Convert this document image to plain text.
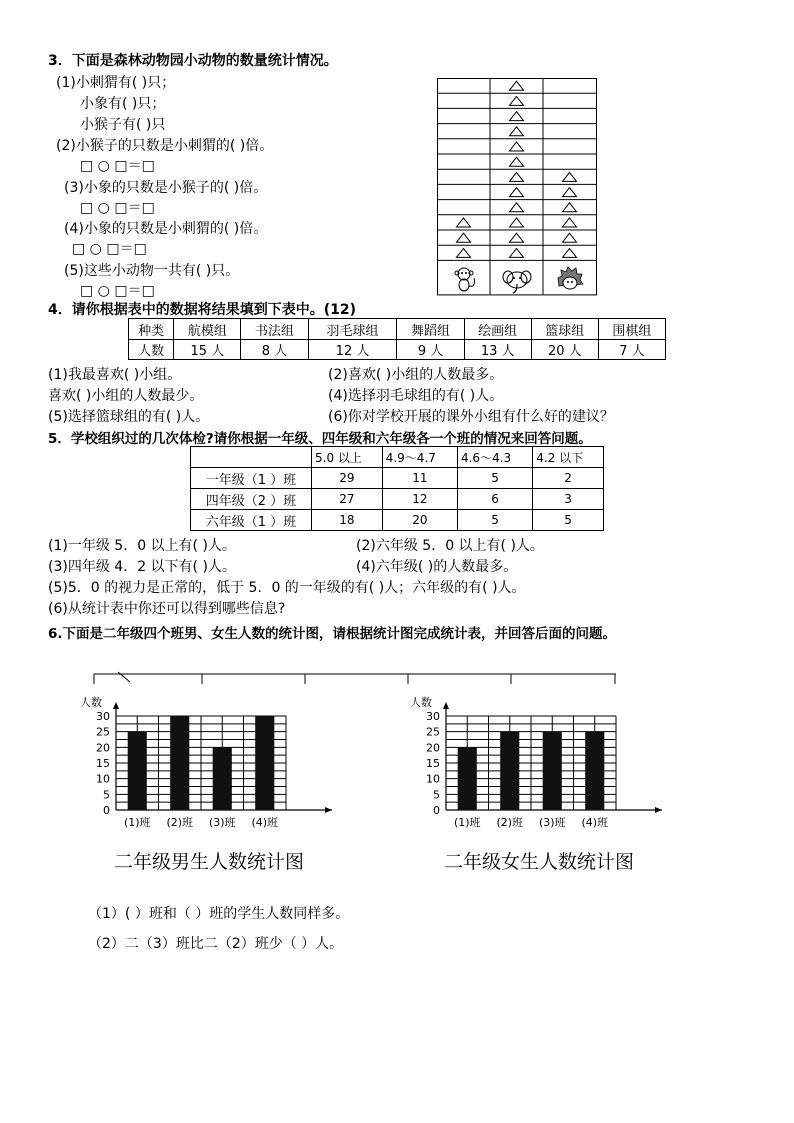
3．下面是森林动物园小动物的数量统计情况。
(1)小刺猬有( )只；
小象有( )只；
小猴子有( )只
(2)小猴子的只数是小刺猬的( )倍。
□ ○ □＝□
(3)小象的只数是小猴子的( )倍。
□ ○ □＝□
(4)小象的只数是小刺猬的( )倍。
□ ○ □＝□
(5)这些小动物一共有( )只。
□ ○ □＝□
4．请你根据表中的数据将结果填到下表中。(12)
种类	航模组	书法组	羽毛球组	舞蹈组	绘画组	篮球组	围棋组
人数	15 人	8 人	12 人	9 人	13 人	20 人	7 人
(1)我最喜欢( )小组。	(2)喜欢( )小组的人数最多。
喜欢( )小组的人数最少。	(4)选择羽毛球组的有( )人。
(5)选择篮球组的有( )人。	(6)你对学校开展的课外小组有什么好的建议？
5．学校组织过的几次体检?请你根据一年级、四年级和六年级各一个班的情况来回答问题。
	5.0 以上	4.9～4.7	4.6～4.3	4.2 以下
一年级（1 ）班	29	11	5	2
四年级（2 ）班	27	12	6	3
六年级（1 ）班	18	20	5	5
(1)一年级 5．0 以上有( )人。	(2)六年级 5．0 以上有( )人。
(3)四年级 4．2 以下有( )人。	(4)六年级( )的人数最多。
(5)5．0 的视力是正常的，低于 5．0 的一年级的有( )人；六年级的有( )人。
(6)从统计表中你还可以得到哪些信息?
6.下面是二年级四个班男、女生人数的统计图，请根据统计图完成统计表，并回答后面的问题。
人数
30
25
20
15
10
5
0
(1)班 (2)班 (3)班 (4)班
二年级男生人数统计图
人数
30
25
20
15
10
5
0
(1)班 (2)班 (3)班 (4)班
二年级女生人数统计图
（1）( ）班和（ ）班的学生人数同样多。
（2）二（3）班比二（2）班少（ ）人。
